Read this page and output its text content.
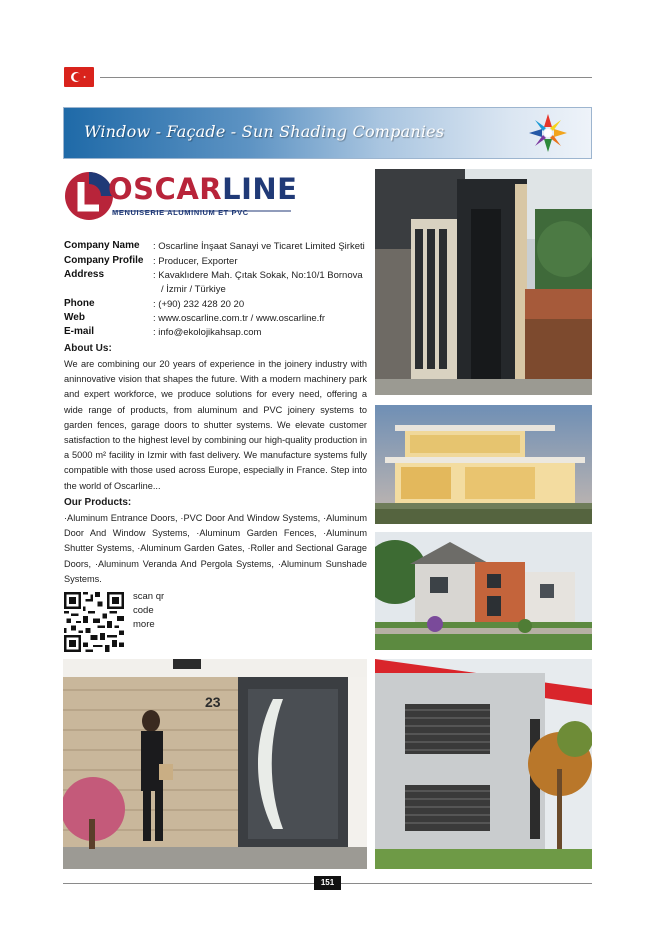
Window - Façade - Sun Shading Companies
OSCARLINE
MENUISERIE ALUMINIUM ET PVC
Company Name : Oscarline İnşaat Sanayi ve Ticaret Limited Şirketi
Company Profile : Producer, Exporter
Address	: Kavaklıdere Mah. Çıtak Sokak, No:10/1 Bornova
/ İzmir / Türkiye
Phone	: (+90) 232 428 20 20
Web	: www.oscarline.com.tr / www.oscarline.fr
E-mail	: info@ekolojikahsap.com
About Us:
We are combining our 20 years of experience in the joinery industry with aninnovative vision that shapes the future. With a modern machinery park and expert workforce, we produce solutions for every need, offering a wide range of products, from aluminum and PVC joinery systems to garden fences, garage doors to shutter systems. We elevate customer satisfaction to the highest level by combining our high-quality production in a 5000 m² facility in Izmir with fast delivery. We manufacture systems fully compatible with those used across Europe, especially in France. Step into the world of Oscarline...
Our Products:
·Aluminum Entrance Doors, ·PVC Door And Window Systems, ·Aluminum Door And Window Systems, ·Aluminum Garden Fences, ·Aluminum Shutter Systems, ·Aluminum Garden Gates, ·Roller and Sectional Garage Doors, ·Aluminum Veranda And Pergola Systems, ·Aluminum Sunshade Systems.
scan qr
code
more
23
151
